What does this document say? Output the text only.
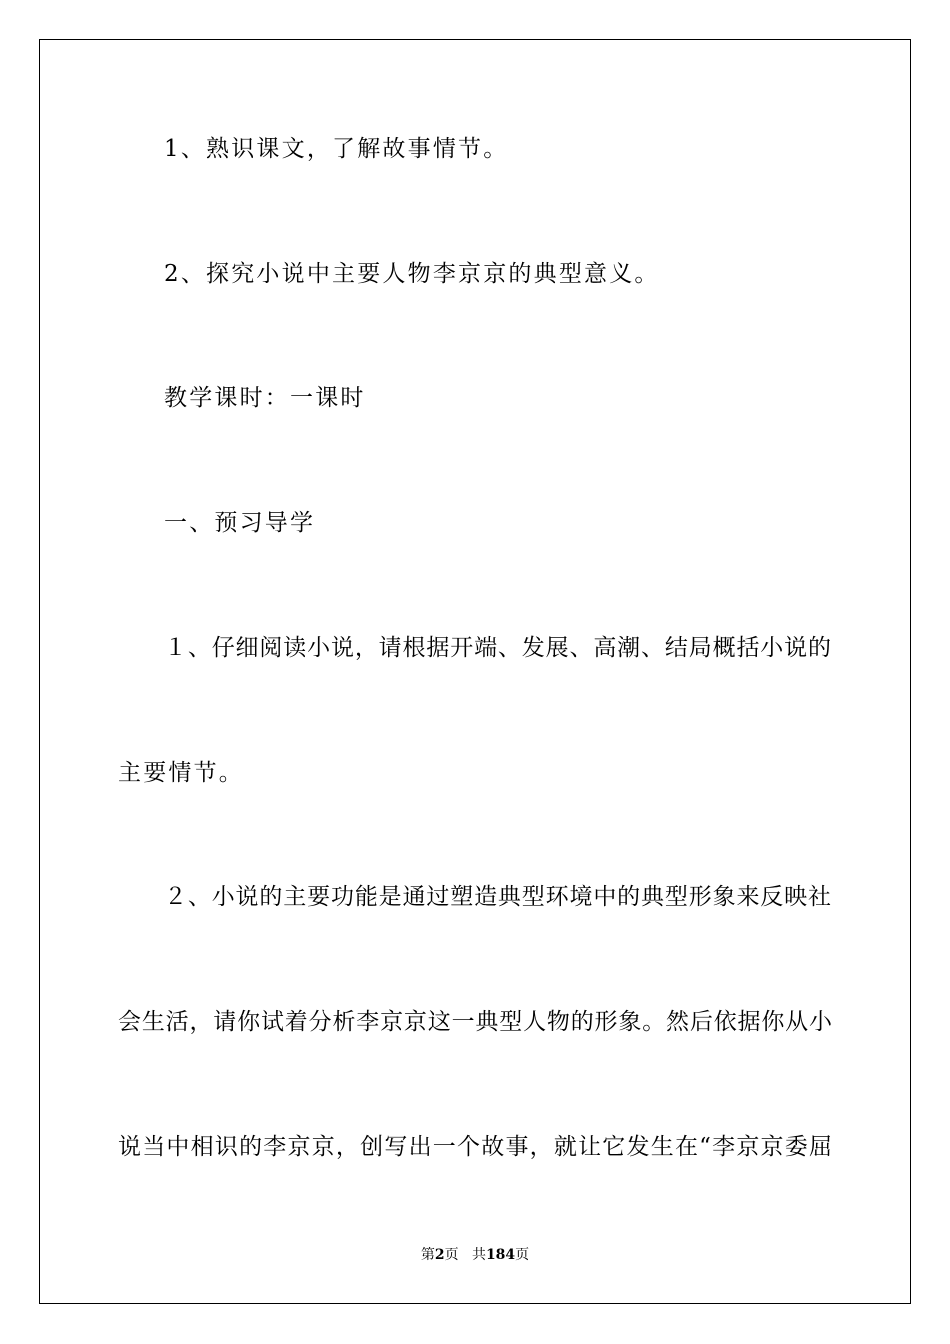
1、熟识课文，了解故事情节。
2、探究小说中主要人物李京京的典型意义。
教学课时：一课时
一、预习导学
１、仔细阅读小说，请根据开端、发展、高潮、结局概括小说的
主要情节。
２、小说的主要功能是通过塑造典型环境中的典型形象来反映社
会生活，请你试着分析李京京这一典型人物的形象。然后依据你从小
说当中相识的李京京，创写出一个故事，就让它发生在“李京京委屈
第2页 共184页
